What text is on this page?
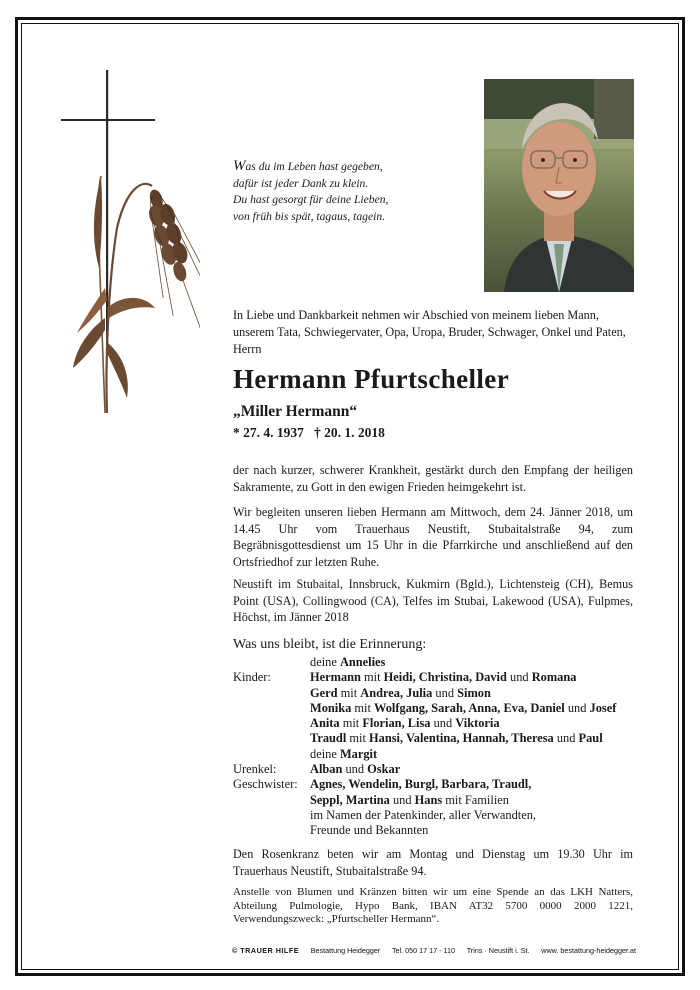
Was du im Leben hast gegeben,
dafür ist jeder Dank zu klein.
Du hast gesorgt für deine Lieben,
von früh bis spät, tagaus, tagein.
In Liebe und Dankbarkeit nehmen wir Abschied von meinem lieben Mann, unserem Tata, Schwiegervater, Opa, Uropa, Bruder, Schwager, Onkel und Paten, Herrn
Hermann Pfurtscheller
„Miller Hermann“
* 27. 4. 1937 † 20. 1. 2018
der nach kurzer, schwerer Krankheit, gestärkt durch den Empfang der heiligen Sakramente, zu Gott in den ewigen Frieden heimgekehrt ist.
Wir begleiten unseren lieben Hermann am Mittwoch, dem 24. Jänner 2018, um 14.45 Uhr vom Trauerhaus Neustift, Stubaitalstraße 94, zum Begräbnisgottesdienst um 15 Uhr in die Pfarrkirche und anschließend auf den Ortsfriedhof zur letzten Ruhe.
Neustift im Stubaital, Innsbruck, Kukmirn (Bgld.), Lichtensteig (CH), Bemus Point (USA), Collingwood (CA), Telfes im Stubai, Lakewood (USA), Fulpmes, Höchst, im Jänner 2018
Was uns bleibt, ist die Erinnerung:
deine Annelies
Kinder:	Hermann mit Heidi, Christina, David und Romana
Gerd mit Andrea, Julia und Simon
Monika mit Wolfgang, Sarah, Anna, Eva, Daniel und Josef
Anita mit Florian, Lisa und Viktoria
Traudl mit Hansi, Valentina, Hannah, Theresa und Paul
deine Margit
Urenkel:	Alban und Oskar
Geschwister: Agnes, Wendelin, Burgl, Barbara, Traudl,
Seppl, Martina und Hans mit Familien
im Namen der Patenkinder, aller Verwandten,
Freunde und Bekannten
Den Rosenkranz beten wir am Montag und Dienstag um 19.30 Uhr im Trauerhaus Neustift, Stubaitalstraße 94.
Anstelle von Blumen und Kränzen bitten wir um eine Spende an das LKH Natters, Abteilung Pulmologie, Hypo Bank, IBAN AT32 5700 0000 2000 1221, Verwendungszweck: „Pfurtscheller Hermann“.
© TRAUER HILFE Bestattung Heidegger Tel. 050 17 17 - 110 Trins · Neustift i. St. www. bestattung-heidegger.at
